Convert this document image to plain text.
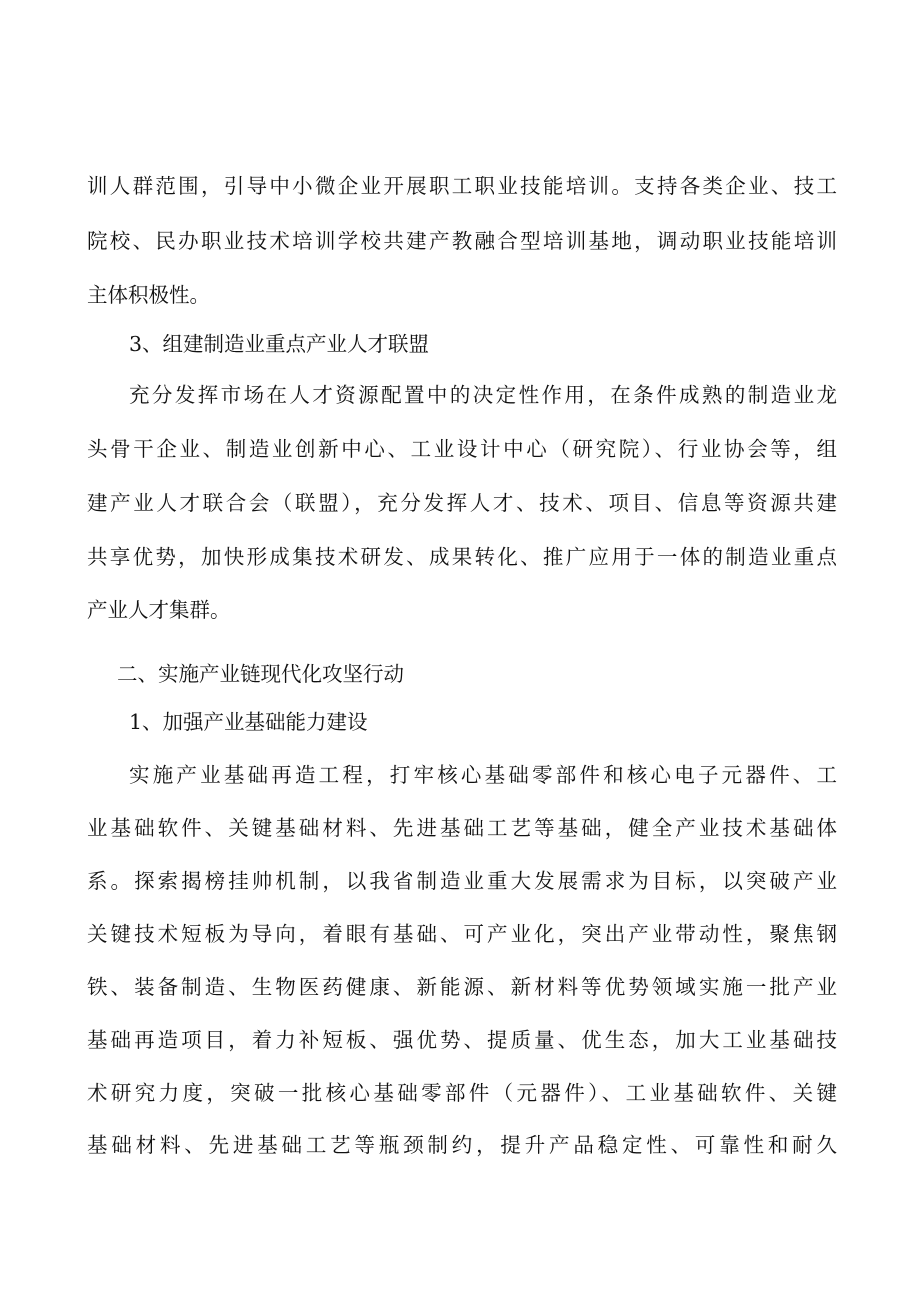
训人群范围，引导中小微企业开展职工职业技能培训。支持各类企业、技工
院校、民办职业技术培训学校共建产教融合型培训基地，调动职业技能培训
主体积极性。
3、组建制造业重点产业人才联盟
充分发挥市场在人才资源配置中的决定性作用，在条件成熟的制造业龙
头骨干企业、制造业创新中心、工业设计中心（研究院）、行业协会等，组
建产业人才联合会（联盟），充分发挥人才、技术、项目、信息等资源共建
共享优势，加快形成集技术研发、成果转化、推广应用于一体的制造业重点
产业人才集群。
二、实施产业链现代化攻坚行动
1、加强产业基础能力建设
实施产业基础再造工程，打牢核心基础零部件和核心电子元器件、工
业基础软件、关键基础材料、先进基础工艺等基础，健全产业技术基础体
系。探索揭榜挂帅机制，以我省制造业重大发展需求为目标，以突破产业
关键技术短板为导向，着眼有基础、可产业化，突出产业带动性，聚焦钢
铁、装备制造、生物医药健康、新能源、新材料等优势领域实施一批产业
基础再造项目，着力补短板、强优势、提质量、优生态，加大工业基础技
术研究力度，突破一批核心基础零部件（元器件）、工业基础软件、关键
基础材料、先进基础工艺等瓶颈制约，提升产品稳定性、可靠性和耐久
